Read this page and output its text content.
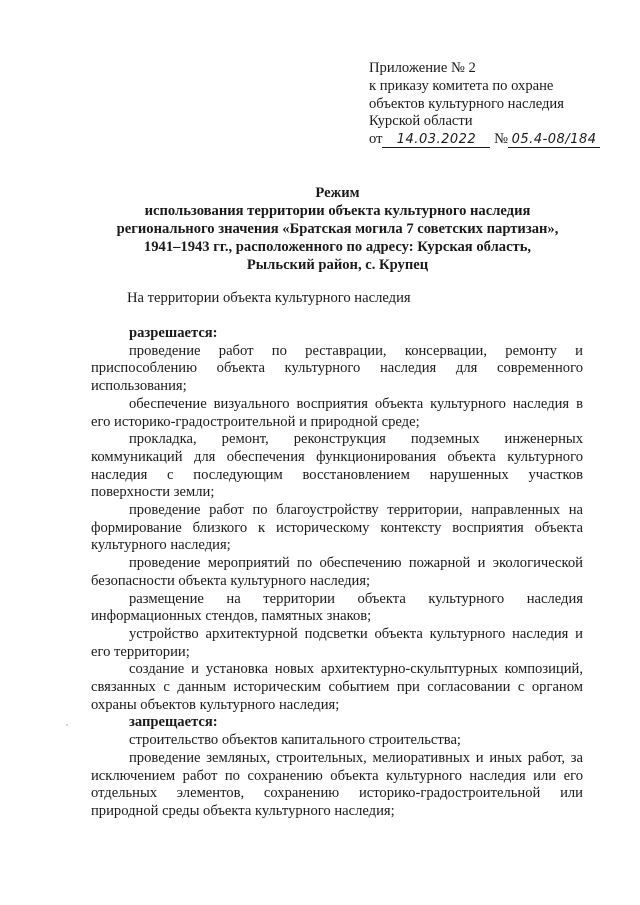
Приложение № 2
к приказу комитета по охране
объектов культурного наследия
Курской области
от 14.03.2022 № 05.4-08/184
Режим
использования территории объекта культурного наследия
регионального значения «Братская могила 7 советских партизан»,
1941–1943 гг., расположенного по адресу: Курская область,
Рыльский район, с. Крупец
На территории объекта культурного наследия

разрешается:

проведение работ по реставрации, консервации, ремонту и приспособлению объекта культурного наследия для современного использования;

обеспечение визуального восприятия объекта культурного наследия в его историко-градостроительной и природной среде;

прокладка, ремонт, реконструкция подземных инженерных коммуникаций для обеспечения функционирования объекта культурного наследия с последующим восстановлением нарушенных участков поверхности земли;

проведение работ по благоустройству территории, направленных на формирование близкого к историческому контексту восприятия объекта культурного наследия;

проведение мероприятий по обеспечению пожарной и экологической безопасности объекта культурного наследия;

размещение на территории объекта культурного наследия информационных стендов, памятных знаков;

устройство архитектурной подсветки объекта культурного наследия и его территории;

создание и установка новых архитектурно-скульптурных композиций, связанных с данным историческим событием при согласовании с органом охраны объектов культурного наследия;

запрещается:

строительство объектов капитального строительства;

проведение земляных, строительных, мелиоративных и иных работ, за исключением работ по сохранению объекта культурного наследия или его отдельных элементов, сохранению историко-градостроительной или природной среды объекта культурного наследия;
